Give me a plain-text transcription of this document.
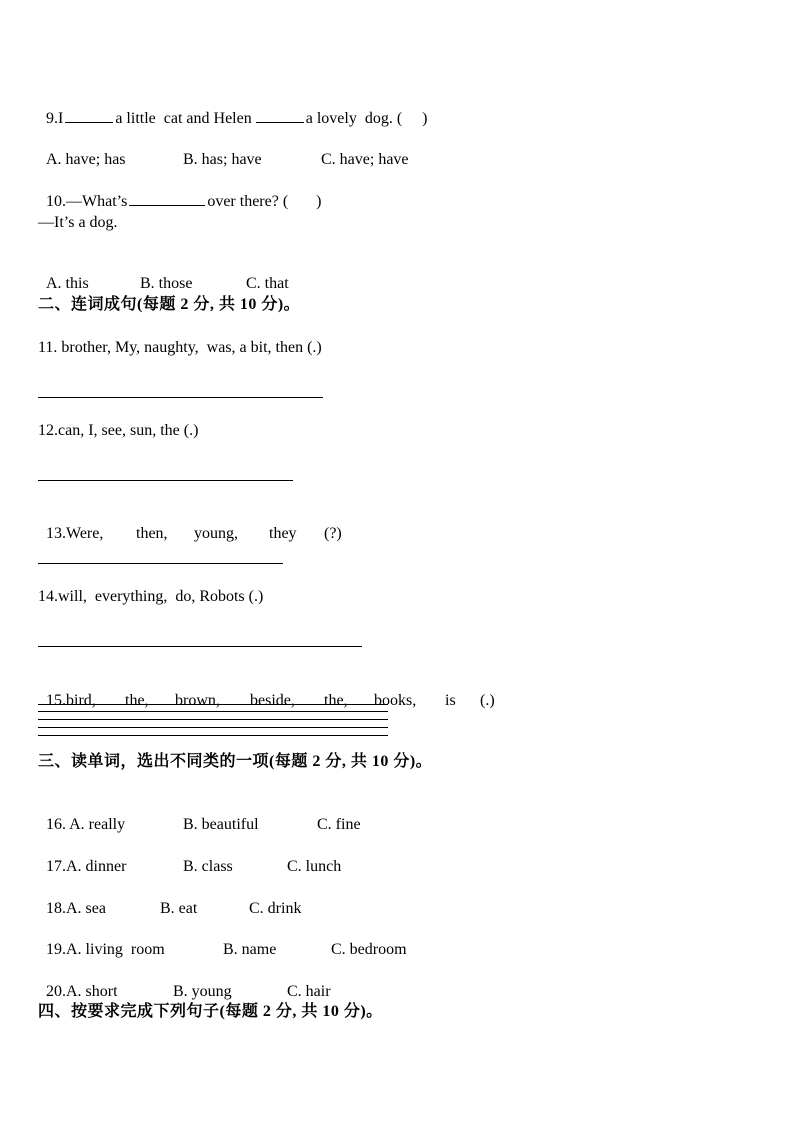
9.I	a little  cat and Helen	a lovely  dog. ( )

A. have; has	B. has; have	C. have; have

10.—What’s	over there? ( )

—It’s a dog.

A. this	B. those	C. that

二、连词成句(每题 2 分, 共 10 分)。
11. brother, My, naughty,  was, a bit, then (.)
12.can, I, see, sun, the (.)

13.Were, then, young, they (?)

14.will,  everything,  do, Robots (.)

15.bird, the, brown, beside, the, books, is (.)

三、读单词，选出不同类的一项(每题 2 分, 共 10 分)。

16. A. really	B. beautiful	C. fine

17.A. dinner	B. class	C. lunch

18.A. sea	B. eat	C. drink

19.A. living  room	B. name	C. bedroom

20.A. short	B. young	C. hair

四、按要求完成下列句子(每题 2 分, 共 10 分)。
